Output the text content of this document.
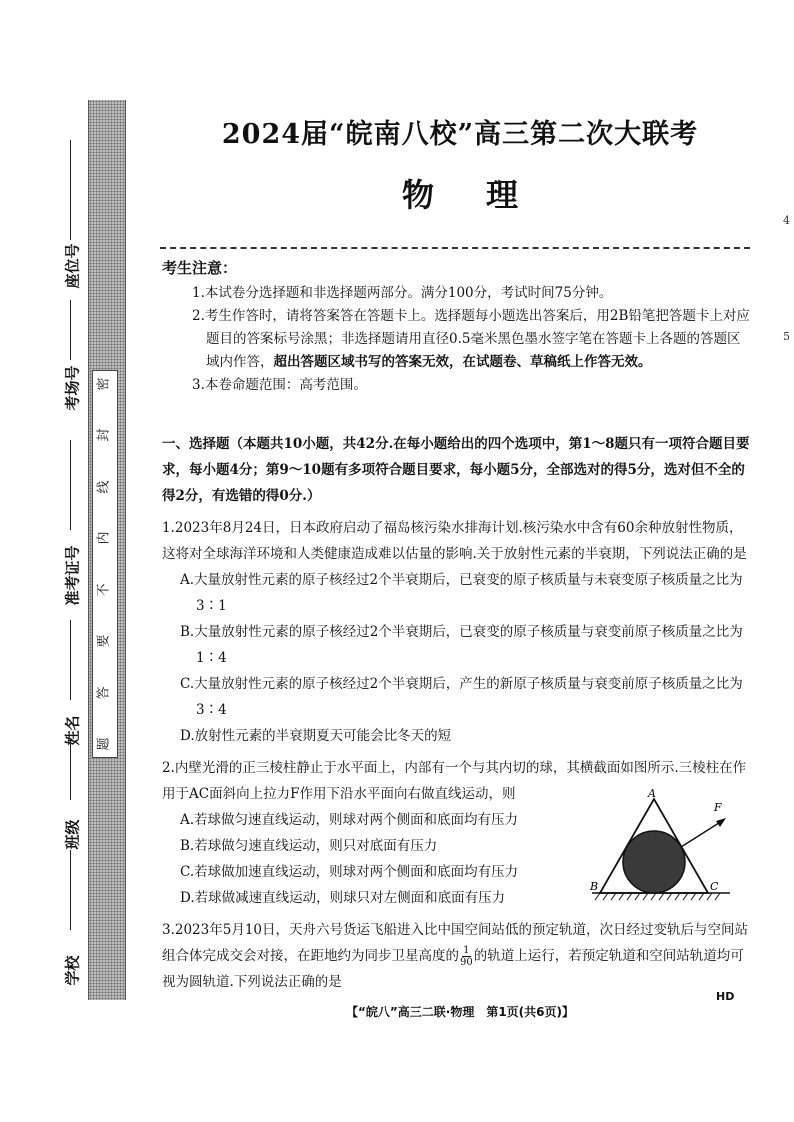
座位号
考场号
准考证号
姓名
班级
学校
密
封
线
内
不
要
答
题
2024届“皖南八校”高三第二次大联考
物理
4
5
考生注意：
1.本试卷分选择题和非选择题两部分。满分100分，考试时间75分钟。
2.考生作答时，请将答案答在答题卡上。选择题每小题选出答案后，用2B铅笔把答题卡上对应题目的答案标号涂黑；非选择题请用直径0.5毫米黑色墨水签字笔在答题卡上各题的答题区域内作答，超出答题区域书写的答案无效，在试题卷、草稿纸上作答无效。
3.本卷命题范围：高考范围。
一、选择题（本题共10小题，共42分.在每小题给出的四个选项中，第1～8题只有一项符合题目要求，每小题4分；第9～10题有多项符合题目要求，每小题5分，全部选对的得5分，选对但不全的得2分，有选错的得0分.）
1.2023年8月24日，日本政府启动了福岛核污染水排海计划.核污染水中含有60余种放射性物质，这将对全球海洋环境和人类健康造成难以估量的影响.关于放射性元素的半衰期，下列说法正确的是
A.大量放射性元素的原子核经过2个半衰期后，已衰变的原子核质量与未衰变原子核质量之比为3∶1
B.大量放射性元素的原子核经过2个半衰期后，已衰变的原子核质量与衰变前原子核质量之比为1∶4
C.大量放射性元素的原子核经过2个半衰期后，产生的新原子核质量与衰变前原子核质量之比为3∶4
D.放射性元素的半衰期夏天可能会比冬天的短
2.内壁光滑的正三棱柱静止于水平面上，内部有一个与其内切的球，其横截面如图所示.三棱柱在作用于AC面斜向上拉力F作用下沿水平面向右做直线运动，则
A.若球做匀速直线运动，则球对两个侧面和底面均有压力
B.若球做匀速直线运动，则只对底面有压力
C.若球做加速直线运动，则球对两个侧面和底面均有压力
D.若球做减速直线运动，则球只对左侧面和底面有压力
A
F
B	C
3.2023年5月10日，天舟六号货运飞船进入比中国空间站低的预定轨道，次日经过变轨后与空间站组合体完成交会对接，在距地约为同步卫星高度的 $\frac{1}{90}$ 的轨道上运行，若预定轨道和空间站轨道均可视为圆轨道.下列说法正确的是
HD
【“皖八”高三二联·物理　第1页(共6页)】
